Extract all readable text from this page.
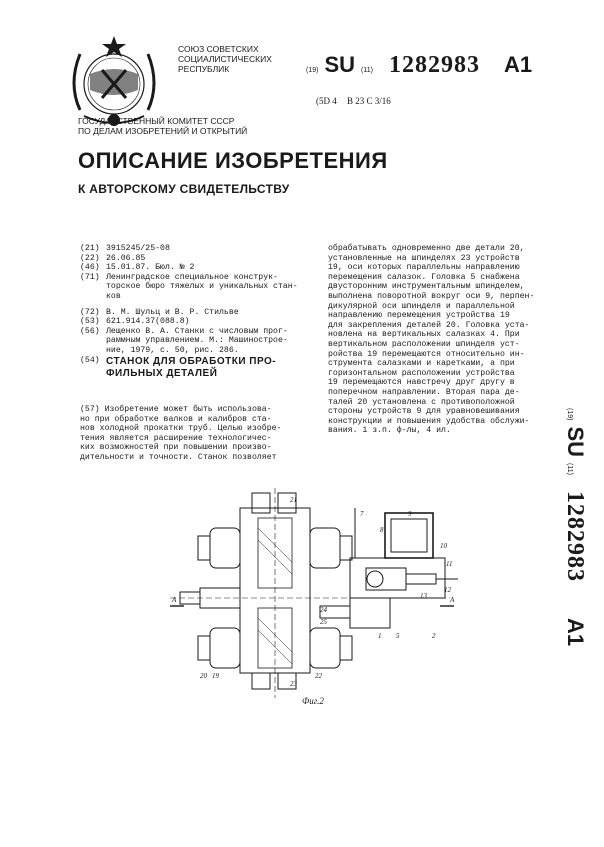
СОЮЗ СОВЕТСКИХ
СОЦИАЛИСТИЧЕСКИХ
РЕСПУБЛИК	(19) SU (11) 1282983 A1
(5D 4 B 23 C 3/16
ГОСУДАРСТВЕННЫЙ КОМИТЕТ СССР
ПО ДЕЛАМ ИЗОБРЕТЕНИЙ И ОТКРЫТИЙ
ОПИСАНИЕ ИЗОБРЕТЕНИЯ
К АВТОРСКОМУ СВИДЕТЕЛЬСТВУ
(21) 3915245/25-08
(22) 26.06.85
(46) 15.01.87. Бюл. № 2
(71) Ленинградское специальное конструк-
торское бюро тяжелых и уникальных стан-
ков
(72) В. М. Шульц и В. Р. Стильве
(53) 621.914.37(088.8)
(56) Лещенко В. А. Станки с числовым прог-
раммным управлением. М.: Машинострое-
ние, 1979, с. 50, рис. 286.
(54) СТАНОК ДЛЯ ОБРАБОТКИ ПРО-
ФИЛЬНЫХ ДЕТАЛЕЙ
(57) Изобретение может быть использова-
но при обработке валков и калибров ста-
нов холодной прокатки труб. Целью изобре-
тения является расширение технологичес-
ких возможностей при повышении произво-
дительности и точности. Станок позволяет
обрабатывать одновременно две детали 20,
установленные на шпинделях 23 устройств
19, оси которых параллельны направлению
перемещения салазок. Головка 5 снабжена
двусторонним инструментальным шпинделем,
выполнена поворотной вокруг оси 9, перпен-
дикулярной оси шпинделя и параллельной
направлению перемещения устройства 19
для закрепления деталей 20. Головка уста-
новлена на вертикальных салазках 4. При
вертикальном расположении шпинделя уст-
ройства 19 перемещаются относительно ин-
струмента салазками и каретками, а при
горизонтальном расположении устройства
19 перемещаются навстречу друг другу в
поперечном направлении. Вторая пара де-
талей 20 установлена с противоположной
стороны устройств 9 для уравновешивания
конструкции и повышения удобства обслужи-
вания. 1 з.п. ф-лы, 4 ил.
(19)
SU
(11)
1282983
A1
21
7
8
9
10
11
12
13
2
5
1
20 19
23
22
24
25
A	A
Фиг.2
